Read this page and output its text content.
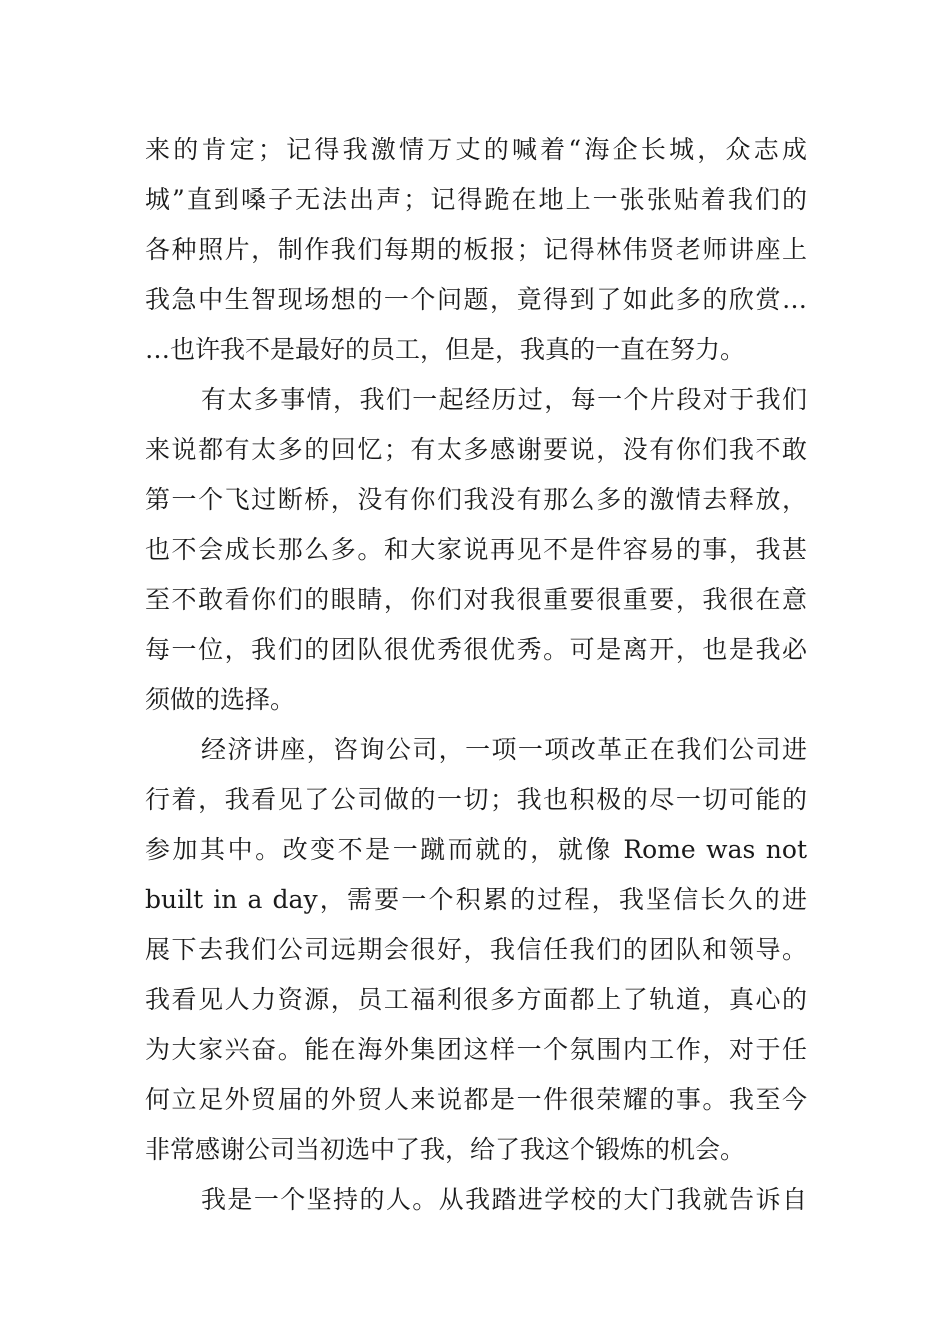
来的肯定；记得我激情万丈的喊着“海企长城，众志成
城”直到嗓子无法出声；记得跪在地上一张张贴着我们的
各种照片，制作我们每期的板报；记得林伟贤老师讲座上
我急中生智现场想的一个问题，竟得到了如此多的欣赏…
…也许我不是最好的员工，但是，我真的一直在努力。
有太多事情，我们一起经历过，每一个片段对于我们
来说都有太多的回忆；有太多感谢要说，没有你们我不敢
第一个飞过断桥，没有你们我没有那么多的激情去释放，
也不会成长那么多。和大家说再见不是件容易的事，我甚
至不敢看你们的眼睛，你们对我很重要很重要，我很在意
每一位，我们的团队很优秀很优秀。可是离开，也是我必
须做的选择。
经济讲座，咨询公司，一项一项改革正在我们公司进
行着，我看见了公司做的一切；我也积极的尽一切可能的
参加其中。改变不是一蹴而就的，就像 Rome was not
built in a day，需要一个积累的过程，我坚信长久的进
展下去我们公司远期会很好，我信任我们的团队和领导。
我看见人力资源，员工福利很多方面都上了轨道，真心的
为大家兴奋。能在海外集团这样一个氛围内工作，对于任
何立足外贸届的外贸人来说都是一件很荣耀的事。我至今
非常感谢公司当初选中了我，给了我这个锻炼的机会。
我是一个坚持的人。从我踏进学校的大门我就告诉自
